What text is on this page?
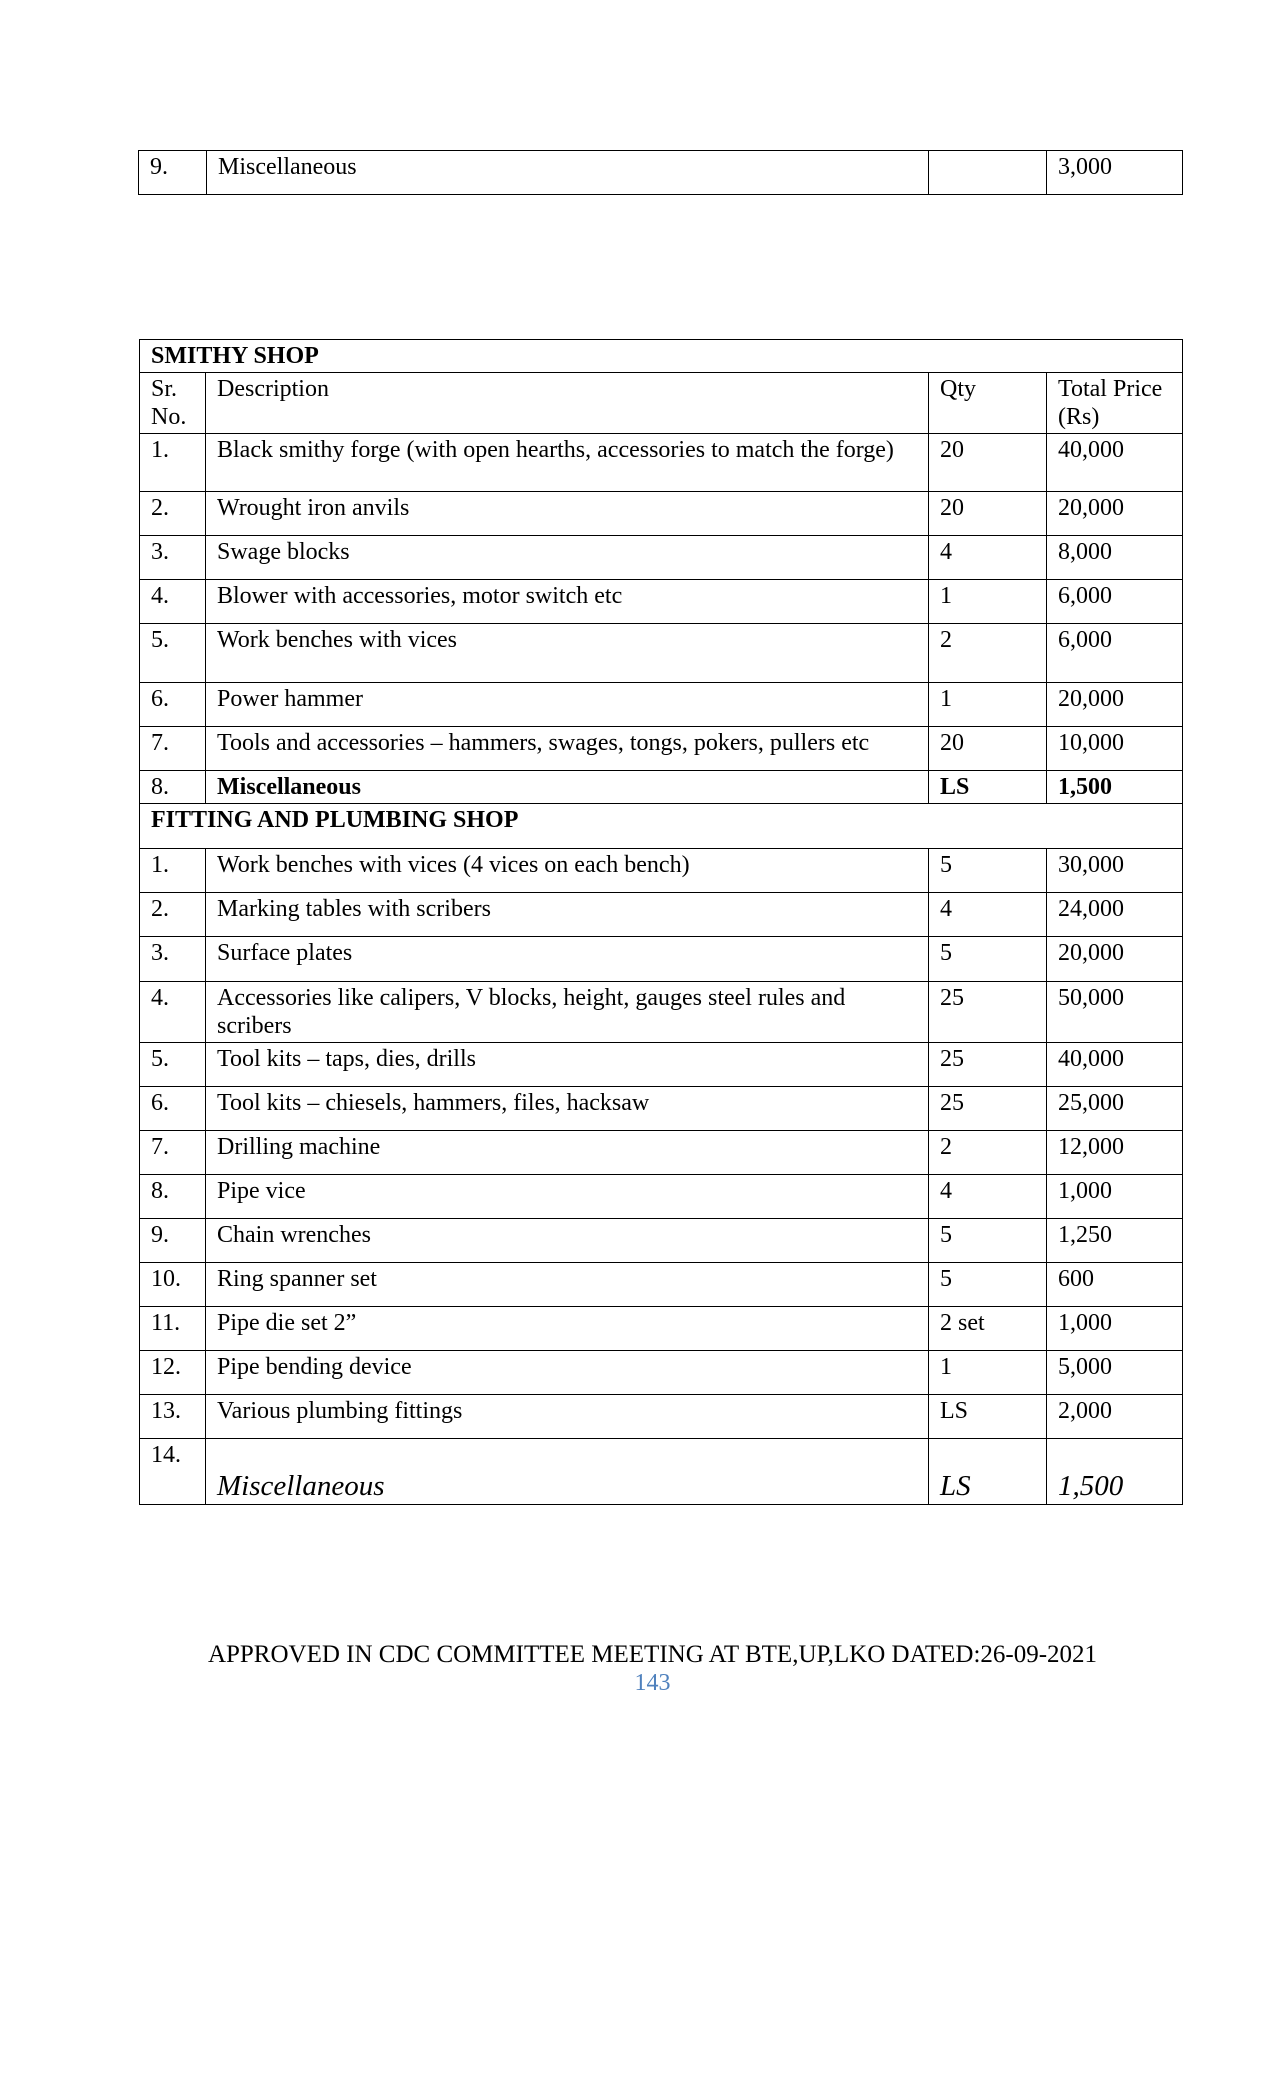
9.	Miscellaneous		3,000
SMITHY SHOP			
Sr. No.	Description	Qty	Total Price (Rs)
1.	Black smithy forge (with open hearths, accessories to match the forge)	20	40,000
2.	Wrought iron anvils	20	20,000
3.	Swage blocks	4	8,000
4.	Blower with accessories, motor switch etc	1	6,000
5.	Work benches with vices	2	6,000
6.	Power hammer	1	20,000
7.	Tools and accessories – hammers, swages, tongs, pokers, pullers etc	20	10,000
8.	Miscellaneous	LS	1,500
FITTING AND PLUMBING SHOP			
1.	Work benches with vices (4 vices on each bench)	5	30,000
2.	Marking tables with scribers	4	24,000
3.	Surface plates	5	20,000
4.	Accessories like calipers, V blocks, height, gauges steel rules and scribers	25	50,000
5.	Tool kits – taps, dies, drills	25	40,000
6.	Tool kits – chiesels, hammers, files, hacksaw	25	25,000
7.	Drilling machine	2	12,000
8.	Pipe vice	4	1,000
9.	Chain wrenches	5	1,250
10.	Ring spanner set	5	600
11.	Pipe die set 2”	2 set	1,000
12.	Pipe bending device	1	5,000
13.	Various plumbing fittings	LS	2,000
14.	Miscellaneous	LS	1,500
APPROVED IN CDC COMMITTEE MEETING AT BTE,UP,LKO DATED:26-09-2021
143
